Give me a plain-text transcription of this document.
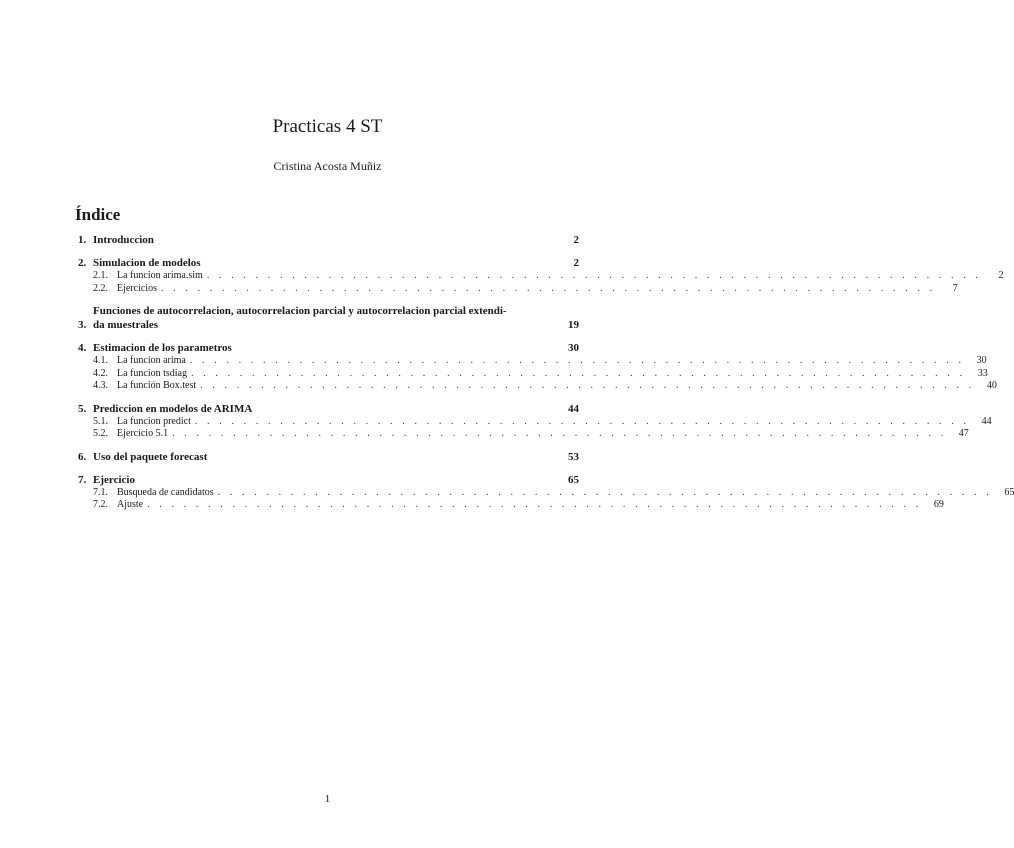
Practicas 4 ST
Cristina Acosta Muñiz
Índice
1. Introduccion	2
2. Simulacion de modelos	2
2.1. La funcion arima.sim . . . . . . . . . . . . . . . . . . . . . . . . . . . . . . . . . . . . . . . . . . . . . . . . . . . . . . . . . . . . . . . .	2
2.2. Ejercicios . . . . . . . . . . . . . . . . . . . . . . . . . . . . . . . . . . . . . . . . . . . . . . . . . . . . . . . . . . . . . . . .	7
3.
Funciones de autocorrelacion, autocorrelacion parcial y autocorrelacion parcial extendi-
da muestrales	19
4. Estimacion de los parametros	30
4.1. La funcion arima . . . . . . . . . . . . . . . . . . . . . . . . . . . . . . . . . . . . . . . . . . . . . . . . . . . . . . . . . . . . . . . .	30
4.2. La funcion tsdiag . . . . . . . . . . . . . . . . . . . . . . . . . . . . . . . . . . . . . . . . . . . . . . . . . . . . . . . . . . . . . . . .	33
4.3. La función Box.test . . . . . . . . . . . . . . . . . . . . . . . . . . . . . . . . . . . . . . . . . . . . . . . . . . . . . . . . . . . . . . . .	40
5. Prediccion en modelos de ARIMA	44
5.1. La funcion predict . . . . . . . . . . . . . . . . . . . . . . . . . . . . . . . . . . . . . . . . . . . . . . . . . . . . . . . . . . . . . . . .	44
5.2. Ejercicio 5.1 . . . . . . . . . . . . . . . . . . . . . . . . . . . . . . . . . . . . . . . . . . . . . . . . . . . . . . . . . . . . . . . .	47
6. Uso del paquete forecast	53
7. Ejercicio	65
7.1. Busqueda de candidatos . . . . . . . . . . . . . . . . . . . . . . . . . . . . . . . . . . . . . . . . . . . . . . . . . . . . . . . . . . . . . . . .	65
7.2. Ajuste . . . . . . . . . . . . . . . . . . . . . . . . . . . . . . . . . . . . . . . . . . . . . . . . . . . . . . . . . . . . . . . .	69
1
